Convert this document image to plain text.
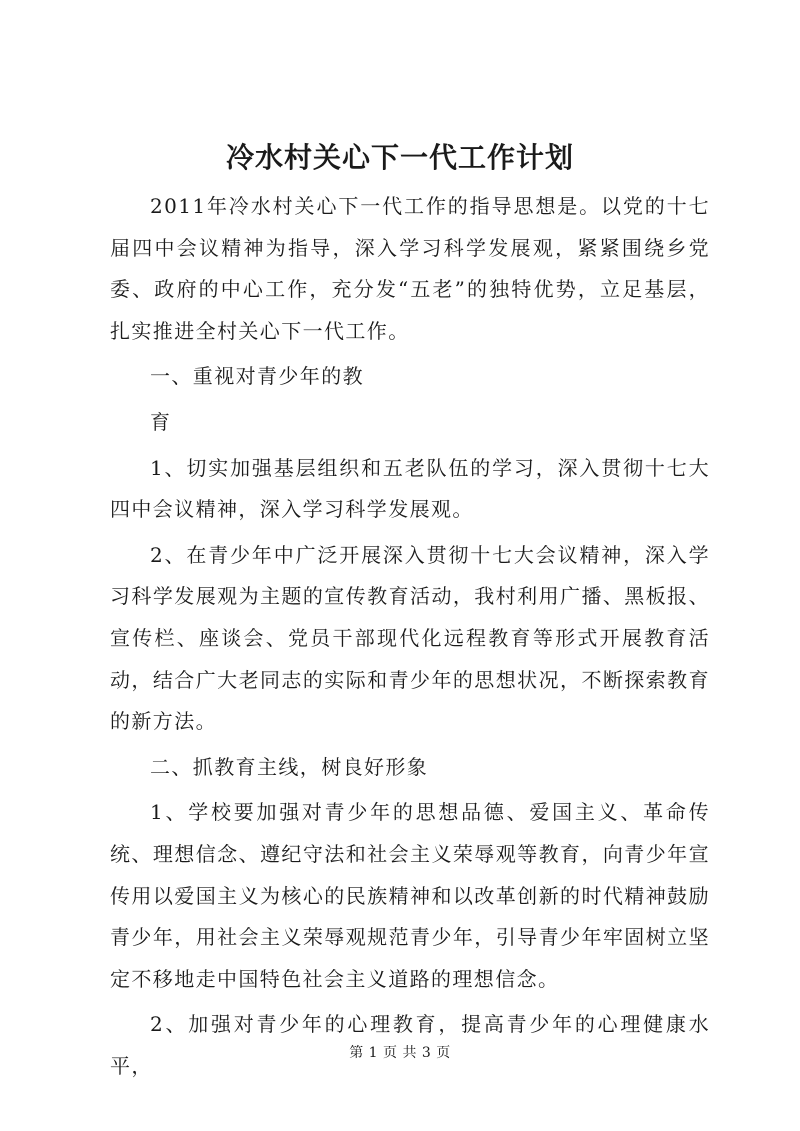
冷水村关心下一代工作计划

2011年冷水村关心下一代工作的指导思想是。以党的十七届四中会议精神为指导，深入学习科学发展观，紧紧围绕乡党委、政府的中心工作，充分发“五老”的独特优势，立足基层，扎实推进全村关心下一代工作。

一、重视对青少年的教

育

1、切实加强基层组织和五老队伍的学习，深入贯彻十七大四中会议精神，深入学习科学发展观。

2、在青少年中广泛开展深入贯彻十七大会议精神，深入学习科学发展观为主题的宣传教育活动，我村利用广播、黑板报、宣传栏、座谈会、党员干部现代化远程教育等形式开展教育活动，结合广大老同志的实际和青少年的思想状况，不断探索教育的新方法。

二、抓教育主线，树良好形象

1、学校要加强对青少年的思想品德、爱国主义、革命传统、理想信念、遵纪守法和社会主义荣辱观等教育，向青少年宣传用以爱国主义为核心的民族精神和以改革创新的时代精神鼓励青少年，用社会主义荣辱观规范青少年，引导青少年牢固树立坚定不移地走中国特色社会主义道路的理想信念。

2、加强对青少年的心理教育，提高青少年的心理健康水平，

第 1 页 共 3 页
